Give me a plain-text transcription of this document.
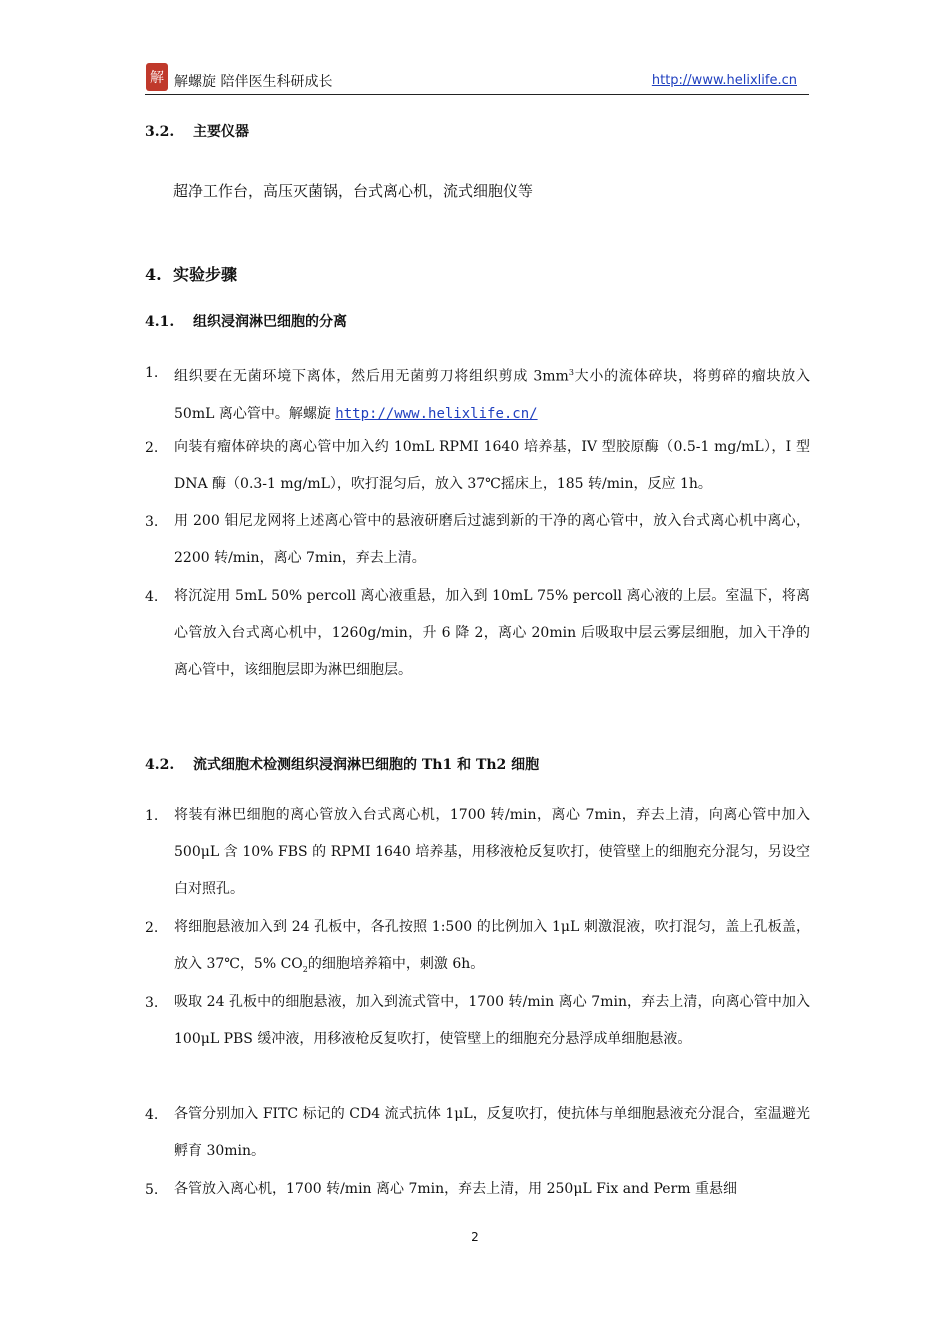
解 解螺旋 陪伴医生科研成长	http://www.helixlife.cn
3.2. 主要仪器
超净工作台，高压灭菌锅，台式离心机，流式细胞仪等
4. 实验步骤
4.1. 组织浸润淋巴细胞的分离
1. 组织要在无菌环境下离体，然后用无菌剪刀将组织剪成 $3mm^3$大小的流体碎块，将剪碎的瘤块放入 50mL 离心管中。解螺旋 http://www.helixlife.cn/
2. 向装有瘤体碎块的离心管中加入约 10mL RPMI 1640 培养基，IV 型胶原酶（0.5-1 mg/mL），I 型 DNA 酶（0.3-1 mg/mL），吹打混匀后，放入 37℃摇床上，185 转/min，反应 1h。
3. 用 200 钼尼龙网将上述离心管中的悬液研磨后过滤到新的干净的离心管中，放入台式离心机中离心，2200 转/min，离心 7min，弃去上清。
4. 将沉淀用 5mL 50% percoll 离心液重悬，加入到 10mL 75% percoll 离心液的上层。室温下，将离心管放入台式离心机中，1260g/min，升 6 降 2，离心 20min 后吸取中层云雾层细胞，加入干净的离心管中，该细胞层即为淋巴细胞层。
4.2. 流式细胞术检测组织浸润淋巴细胞的 Th1 和 Th2 细胞
1. 将装有淋巴细胞的离心管放入台式离心机，1700 转/min，离心 7min，弃去上清，向离心管中加入 500μL 含 10% FBS 的 RPMI 1640 培养基，用移液枪反复吹打，使管壁上的细胞充分混匀，另设空白对照孔。
2. 将细胞悬液加入到 24 孔板中，各孔按照 1:500 的比例加入 1μL 刺激混液，吹打混匀，盖上孔板盖，放入 37℃，5% $CO_2$的细胞培养箱中，刺激 6h。
3. 吸取 24 孔板中的细胞悬液，加入到流式管中，1700 转/min 离心 7min，弃去上清，向离心管中加入 100μL PBS 缓冲液，用移液枪反复吹打，使管壁上的细胞充分悬浮成单细胞悬液。
4. 各管分别加入 FITC 标记的 CD4 流式抗体 1μL，反复吹打，使抗体与单细胞悬液充分混合，室温避光孵育 30min。
5. 各管放入离心机，1700 转/min 离心 7min，弃去上清，用 250μL Fix and Perm 重悬细
2
